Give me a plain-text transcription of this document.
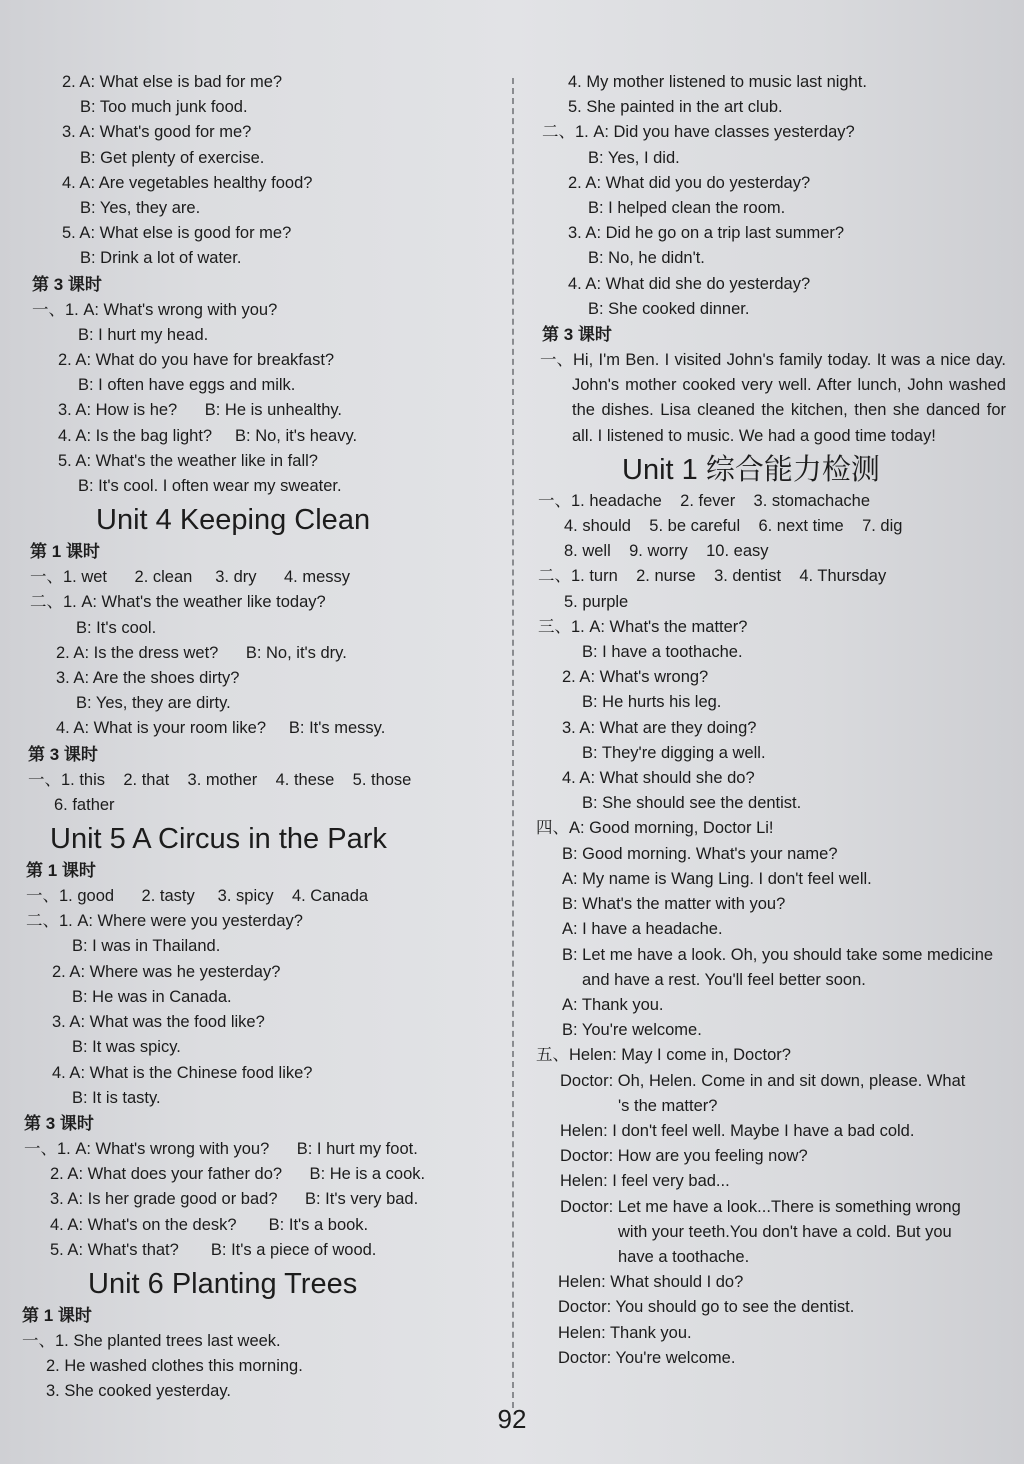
2. A: What else is bad for me?
B: Too much junk food.
3. A: What's good for me?
B: Get plenty of exercise.
4. A: Are vegetables healthy food?
B: Yes, they are.
5. A: What else is good for me?
B: Drink a lot of water.
第 3 课时
一、1. A: What's wrong with you?
B: I hurt my head.
2. A: What do you have for breakfast?
B: I often have eggs and milk.
3. A: How is he?      B: He is unhealthy.
4. A: Is the bag light?     B: No, it's heavy.
5. A: What's the weather like in fall?
B: It's cool. I often wear my sweater.
Unit 4 Keeping Clean
第 1 课时
一、1. wet      2. clean     3. dry      4. messy
二、1. A: What's the weather like today?
B: It's cool.
2. A: Is the dress wet?      B: No, it's dry.
3. A: Are the shoes dirty?
B: Yes, they are dirty.
4. A: What is your room like?     B: It's messy.
第 3 课时
一、1. this    2. that    3. mother    4. these    5. those
6. father
Unit 5 A Circus in the Park
第 1 课时
一、1. good      2. tasty     3. spicy    4. Canada
二、1. A: Where were you yesterday?
B: I was in Thailand.
2. A: Where was he yesterday?
B: He was in Canada.
3. A: What was the food like?
B: It was spicy.
4. A: What is the Chinese food like?
B: It is tasty.
第 3 课时
一、1. A: What's wrong with you?      B: I hurt my foot.
2. A: What does your father do?      B: He is a cook.
3. A: Is her grade good or bad?      B: It's very bad.
4. A: What's on the desk?       B: It's a book.
5. A: What's that?       B: It's a piece of wood.
Unit 6 Planting Trees
第 1 课时
一、1. She planted trees last week.
2. He washed clothes this morning.
3. She cooked yesterday.
4. My mother listened to music last night.
5. She painted in the art club.
二、1. A: Did you have classes yesterday?
B: Yes, I did.
2. A: What did you do yesterday?
B: I helped clean the room.
3. A: Did he go on a trip last summer?
B: No, he didn't.
4. A: What did she do yesterday?
B: She cooked dinner.
第 3 课时
一、 Hi, I'm Ben. I visited John's family today. It was a nice day. John's mother cooked very well. After lunch, John washed the dishes. Lisa cleaned the kitchen, then she danced for all. I listened to music. We had a good time today!
Unit 1 综合能力检测
一、1. headache    2. fever    3. stomachache
4. should    5. be careful    6. next time    7. dig
8. well    9. worry    10. easy
二、1. turn    2. nurse    3. dentist    4. Thursday
5. purple
三、1. A: What's the matter?
B: I have a toothache.
2. A: What's wrong?
B: He hurts his leg.
3. A: What are they doing?
B: They're digging a well.
4. A: What should she do?
B: She should see the dentist.
四、A: Good morning, Doctor Li!
B: Good morning. What's your name?
A: My name is Wang Ling. I don't feel well.
B: What's the matter with you?
A: I have a headache.
B: Let me have a look. Oh, you should take some medicine
and have a rest. You'll feel better soon.
A: Thank you.
B: You're welcome.
五、Helen: May I come in, Doctor?
Doctor: Oh, Helen. Come in and sit down, please. What
's the matter?
Helen: I don't feel well. Maybe I have a bad cold.
Doctor: How are you feeling now?
Helen: I feel very bad...
Doctor: Let me have a look...There is something wrong
with your teeth.You don't have a cold. But you
have a toothache.
Helen: What should I do?
Doctor: You should go to see the dentist.
Helen: Thank you.
Doctor: You're welcome.
92
